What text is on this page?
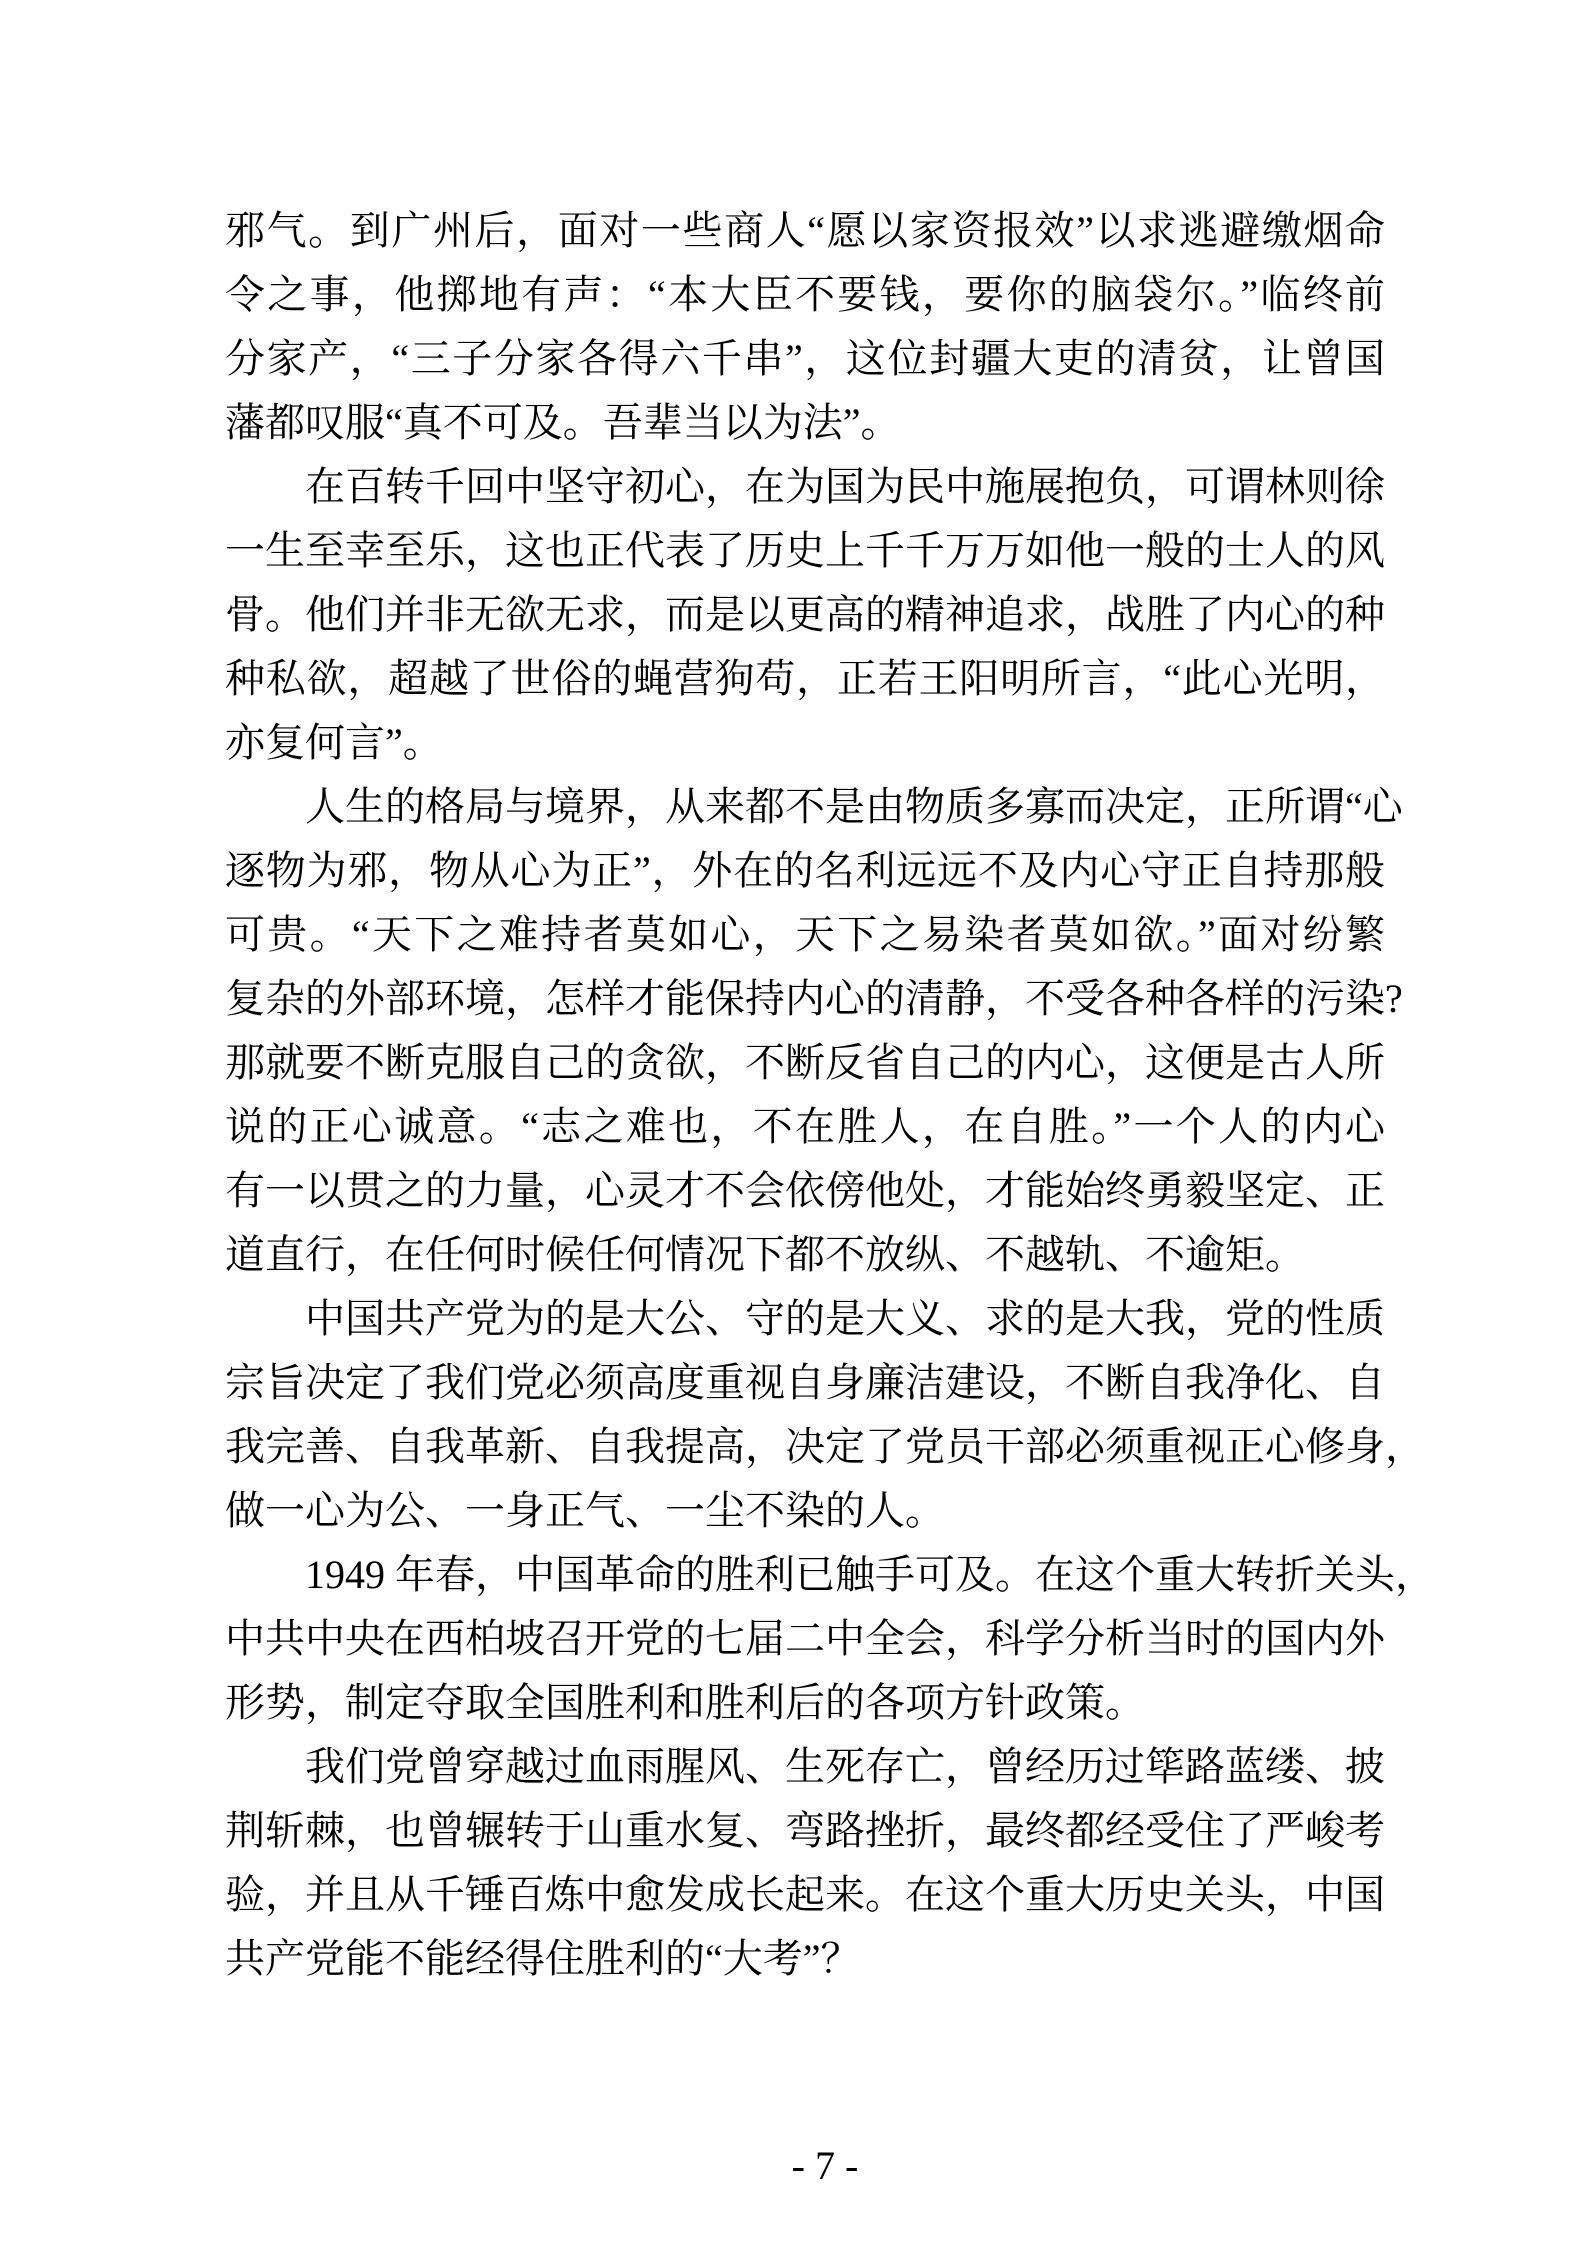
邪气。到广州后，面对一些商人“愿以家资报效”以求逃避缴烟命
令之事，他掷地有声：“本大臣不要钱，要你的脑袋尔。”临终前
分家产，“三子分家各得六千串”，这位封疆大吏的清贫，让曾国
藩都叹服“真不可及。吾辈当以为法”。
在百转千回中坚守初心，在为国为民中施展抱负，可谓林则徐
一生至幸至乐，这也正代表了历史上千千万万如他一般的士人的风
骨。他们并非无欲无求，而是以更高的精神追求，战胜了内心的种
种私欲，超越了世俗的蝇营狗苟，正若王阳明所言，“此心光明，
亦复何言”。
人生的格局与境界，从来都不是由物质多寡而决定，正所谓“心
逐物为邪，物从心为正”，外在的名利远远不及内心守正自持那般
可贵。“天下之难持者莫如心，天下之易染者莫如欲。”面对纷繁
复杂的外部环境，怎样才能保持内心的清静，不受各种各样的污染?
那就要不断克服自己的贪欲，不断反省自己的内心，这便是古人所
说的正心诚意。“志之难也，不在胜人，在自胜。”一个人的内心
有一以贯之的力量，心灵才不会依傍他处，才能始终勇毅坚定、正
道直行，在任何时候任何情况下都不放纵、不越轨、不逾矩。
中国共产党为的是大公、守的是大义、求的是大我，党的性质
宗旨决定了我们党必须高度重视自身廉洁建设，不断自我净化、自
我完善、自我革新、自我提高，决定了党员干部必须重视正心修身，
做一心为公、一身正气、一尘不染的人。
1949 年春，中国革命的胜利已触手可及。在这个重大转折关头，
中共中央在西柏坡召开党的七届二中全会，科学分析当时的国内外
形势，制定夺取全国胜利和胜利后的各项方针政策。
我们党曾穿越过血雨腥风、生死存亡，曾经历过筚路蓝缕、披
荆斩棘，也曾辗转于山重水复、弯路挫折，最终都经受住了严峻考
验，并且从千锤百炼中愈发成长起来。在这个重大历史关头，中国
共产党能不能经得住胜利的“大考”？

- 7 -
